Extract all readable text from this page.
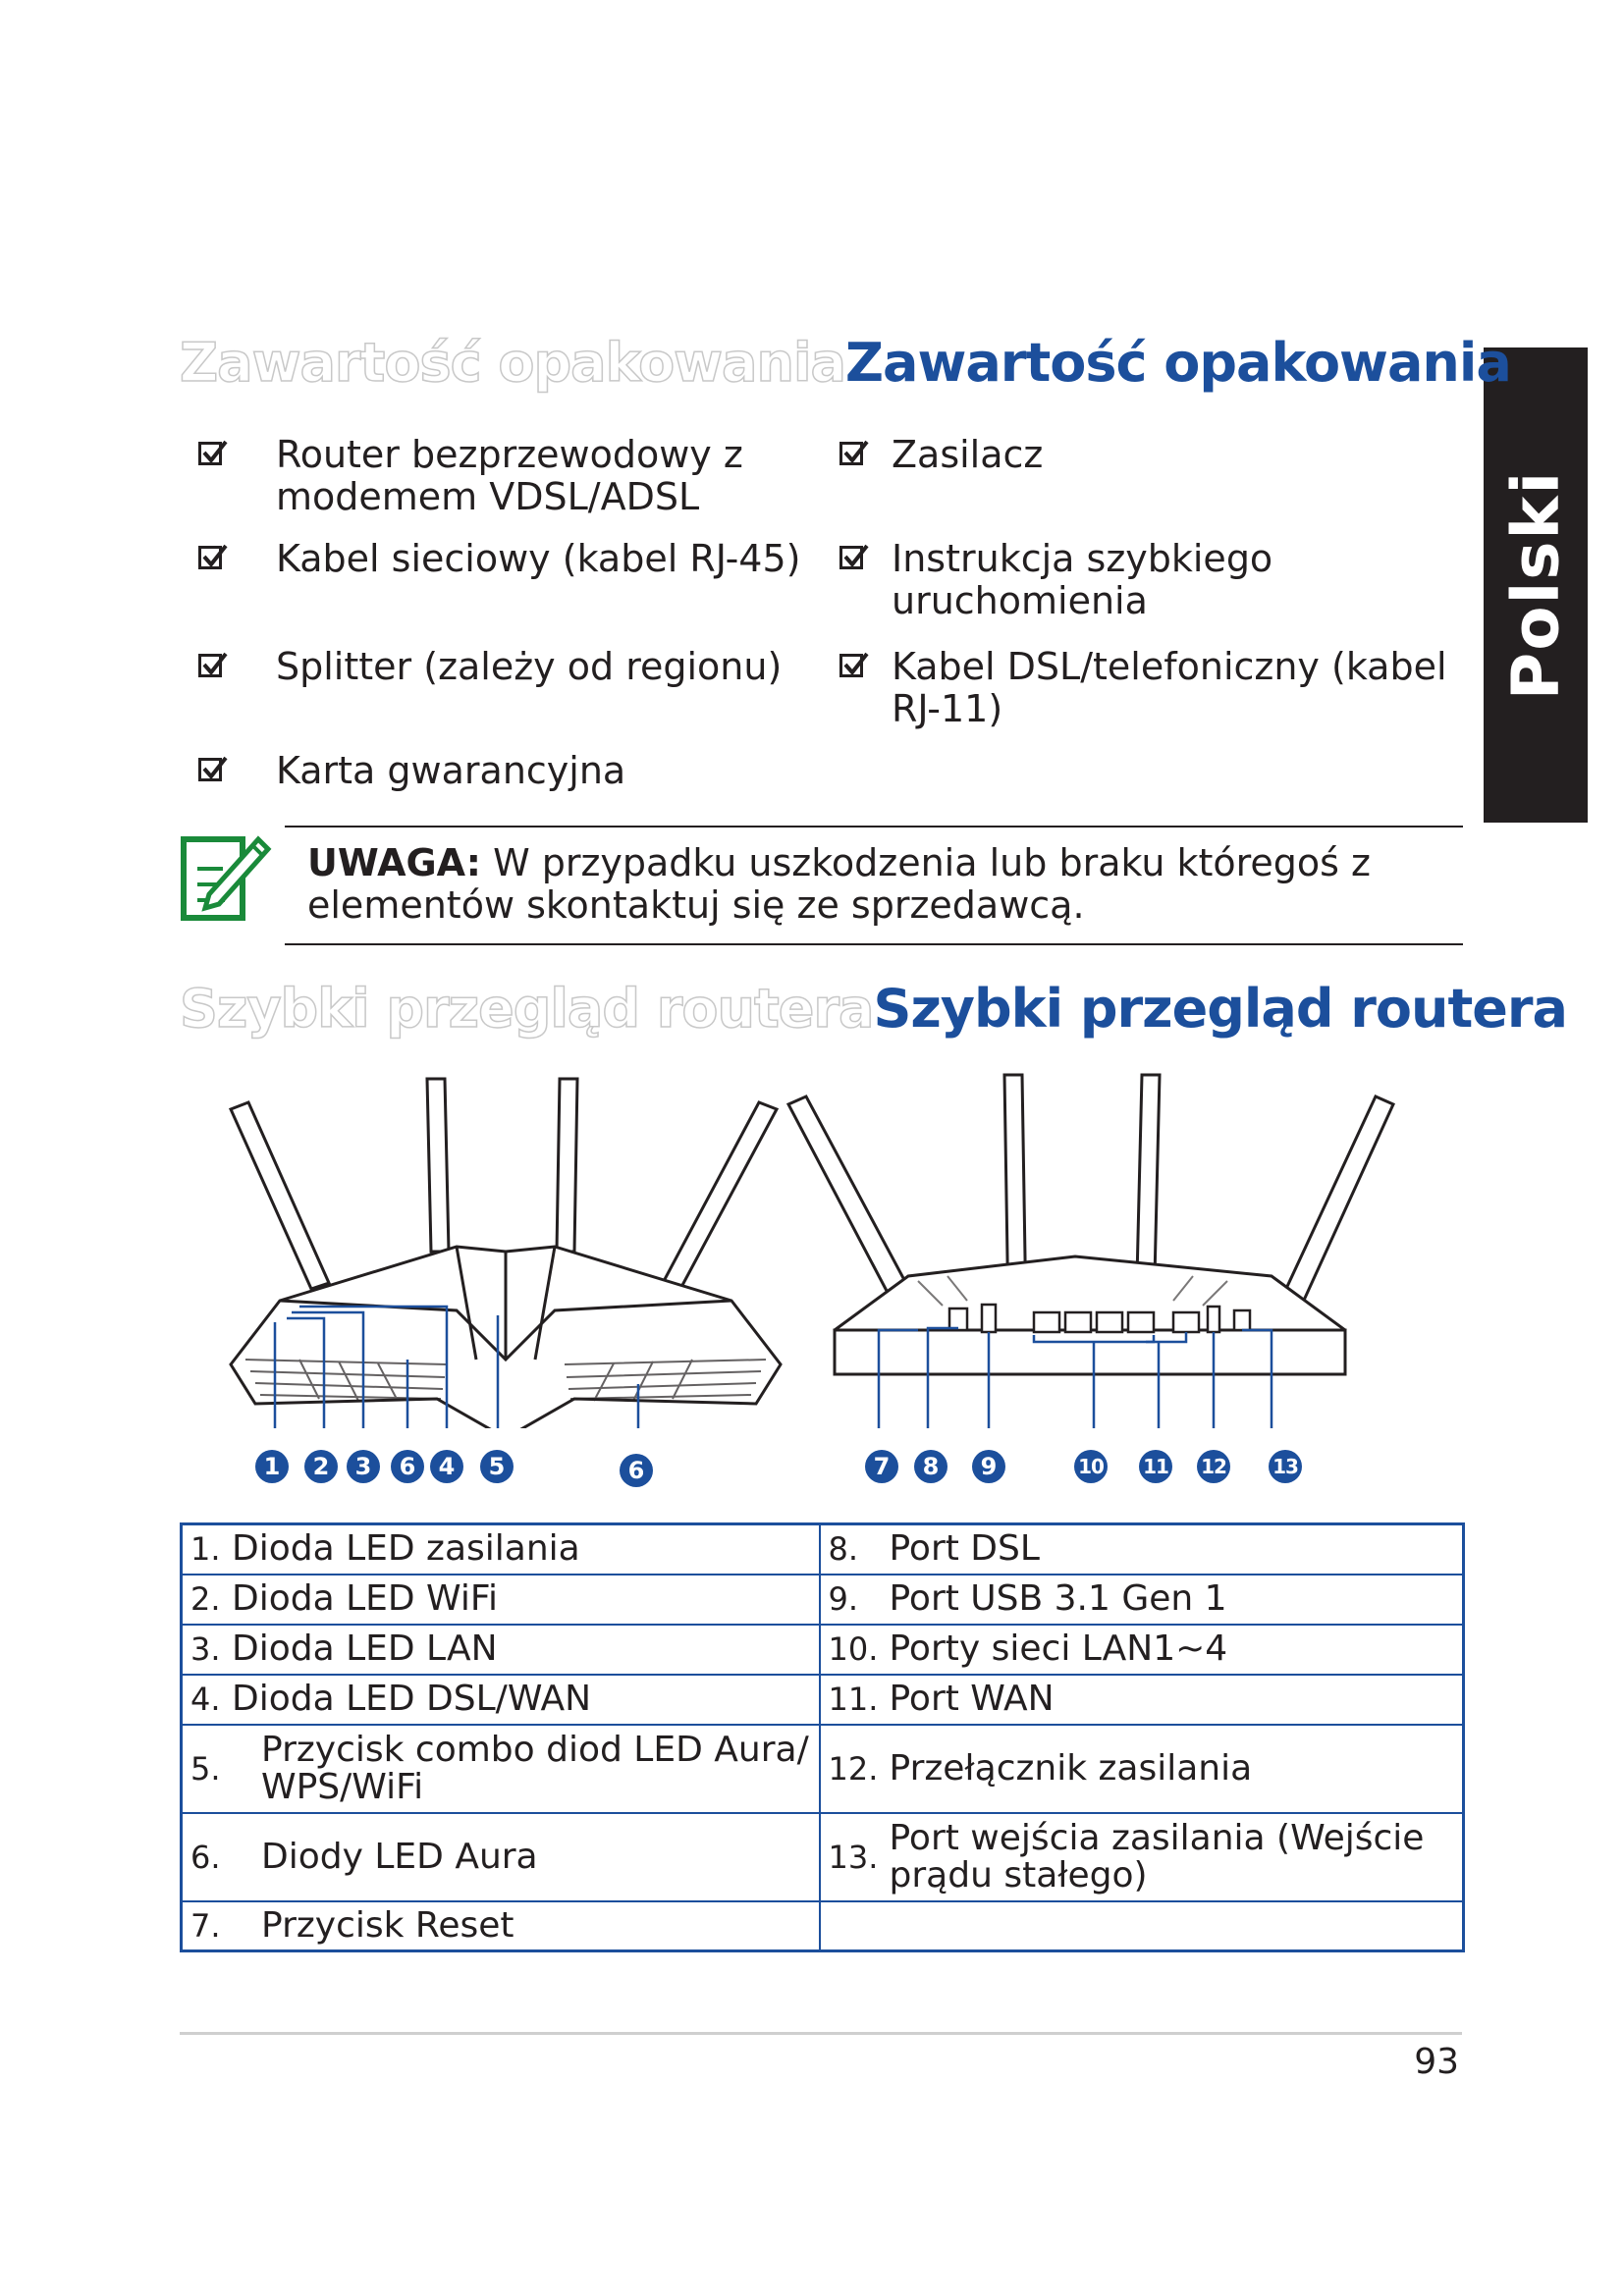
Polski
Zawartość opakowaniaZawartość opakowania
Router bezprzewodowy z
modemem VDSL/ADSL
Kabel sieciowy (kabel RJ-45)
Splitter (zależy od regionu)
Karta gwarancyjna
Zasilacz
Instrukcja szybkiego
uruchomienia
Kabel DSL/telefoniczny (kabel
RJ-11)
UWAGA: W przypadku uszkodzenia lub braku któregoś z
elementów skontaktuj się ze sprzedawcą.
Szybki przegląd routeraSzybki przegląd routera
1	2	3	6 4	5	6	7	8	9	10 11 12 13
1. Dioda LED zasilania	8. Port DSL

2. Dioda LED WiFi	9. Port USB 3.1 Gen 1

3. Dioda LED LAN	10. Porty sieci LAN1~4

4. Dioda LED DSL/WAN	11. Port WAN

5. Przycisk combo diod LED Aura/ WPS/WiFi	12. Przełącznik zasilania

6. Diody LED Aura	13. Port wejścia zasilania (Wejście prądu stałego)

7. Przycisk Reset	

93
